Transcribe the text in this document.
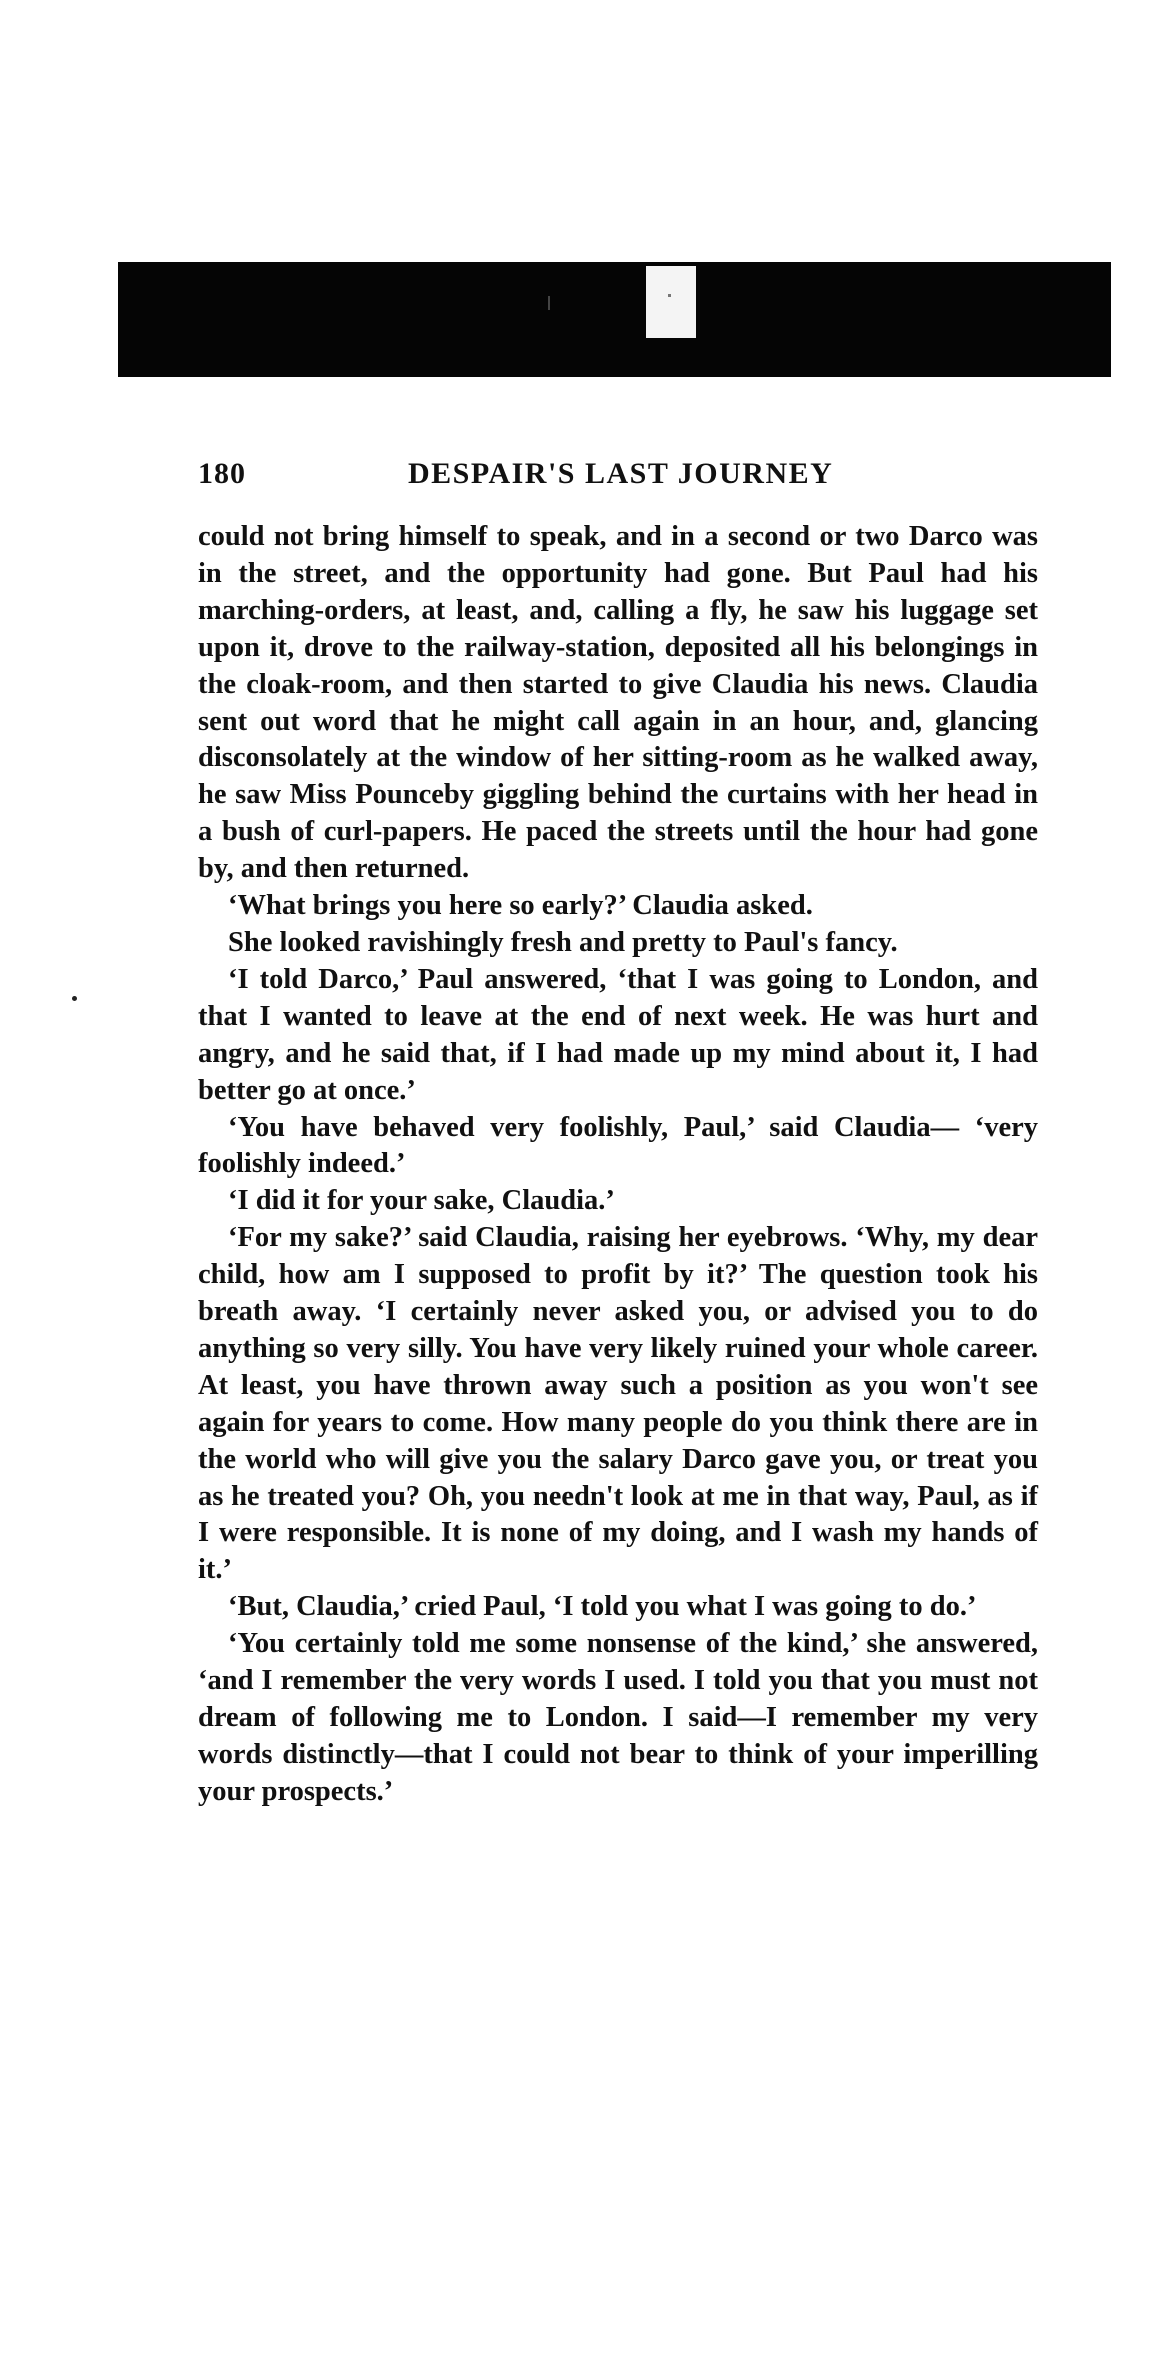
180	DESPAIR'S LAST JOURNEY

could not bring himself to speak, and in a second or two Darco was in the street, and the opportunity had gone. But Paul had his marching-orders, at least, and, calling a fly, he saw his luggage set upon it, drove to the railway-station, deposited all his belongings in the cloak-room, and then started to give Claudia his news. Claudia sent out word that he might call again in an hour, and, glancing disconsolately at the window of her sitting-room as he walked away, he saw Miss Pounceby giggling behind the curtains with her head in a bush of curl-papers. He paced the streets until the hour had gone by, and then returned.

‘What brings you here so early?’ Claudia asked.

She looked ravishingly fresh and pretty to Paul's fancy.

‘I told Darco,’ Paul answered, ‘that I was going to London, and that I wanted to leave at the end of next week. He was hurt and angry, and he said that, if I had made up my mind about it, I had better go at once.’

‘You have behaved very foolishly, Paul,’ said Claudia— ‘very foolishly indeed.’

‘I did it for your sake, Claudia.’

‘For my sake?’ said Claudia, raising her eyebrows. ‘Why, my dear child, how am I supposed to profit by it?’ The question took his breath away. ‘I certainly never asked you, or advised you to do anything so very silly. You have very likely ruined your whole career. At least, you have thrown away such a position as you won't see again for years to come. How many people do you think there are in the world who will give you the salary Darco gave you, or treat you as he treated you? Oh, you needn't look at me in that way, Paul, as if I were responsible. It is none of my doing, and I wash my hands of it.’

‘But, Claudia,’ cried Paul, ‘I told you what I was going to do.’

‘You certainly told me some nonsense of the kind,’ she answered, ‘and I remember the very words I used. I told you that you must not dream of following me to London. I said—I remember my very words distinctly—that I could not bear to think of your imperilling your prospects.’
